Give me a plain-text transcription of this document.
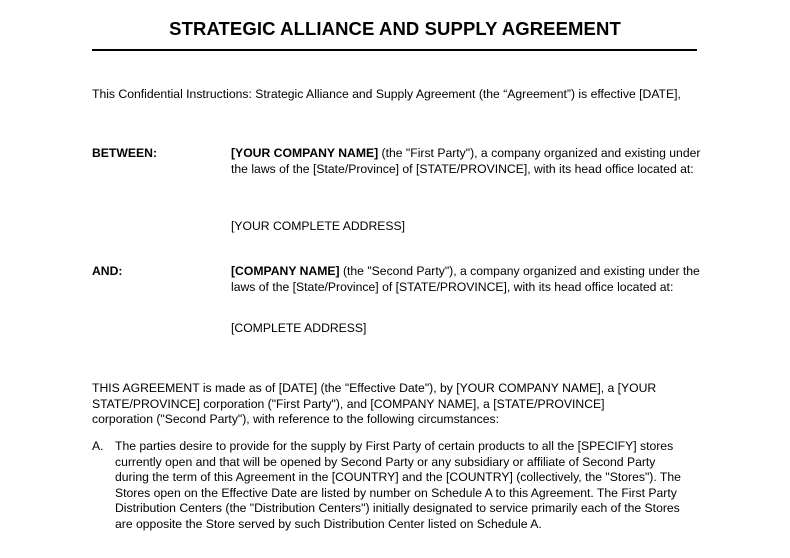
STRATEGIC ALLIANCE AND SUPPLY AGREEMENT
This Confidential Instructions: Strategic Alliance and Supply Agreement (the “Agreement”) is effective [DATE],
BETWEEN:	[YOUR COMPANY NAME] (the "First Party"), a company organized and existing under the laws of the [State/Province] of [STATE/PROVINCE], with its head office located at:
[YOUR COMPLETE ADDRESS]
AND:	[COMPANY NAME] (the "Second Party"), a company organized and existing under the laws of the [State/Province] of [STATE/PROVINCE], with its head office located at:
[COMPLETE ADDRESS]
THIS AGREEMENT is made as of [DATE] (the "Effective Date"), by [YOUR COMPANY NAME], a [YOUR STATE/PROVINCE] corporation ("First Party"), and [COMPANY NAME], a [STATE/PROVINCE] corporation ("Second Party"), with reference to the following circumstances:
A. The parties desire to provide for the supply by First Party of certain products to all the [SPECIFY] stores currently open and that will be opened by Second Party or any subsidiary or affiliate of Second Party during the term of this Agreement in the [COUNTRY] and the [COUNTRY] (collectively, the "Stores"). The Stores open on the Effective Date are listed by number on Schedule A to this Agreement. The First Party Distribution Centers (the "Distribution Centers") initially designated to service primarily each of the Stores are opposite the Store served by such Distribution Center listed on Schedule A.
